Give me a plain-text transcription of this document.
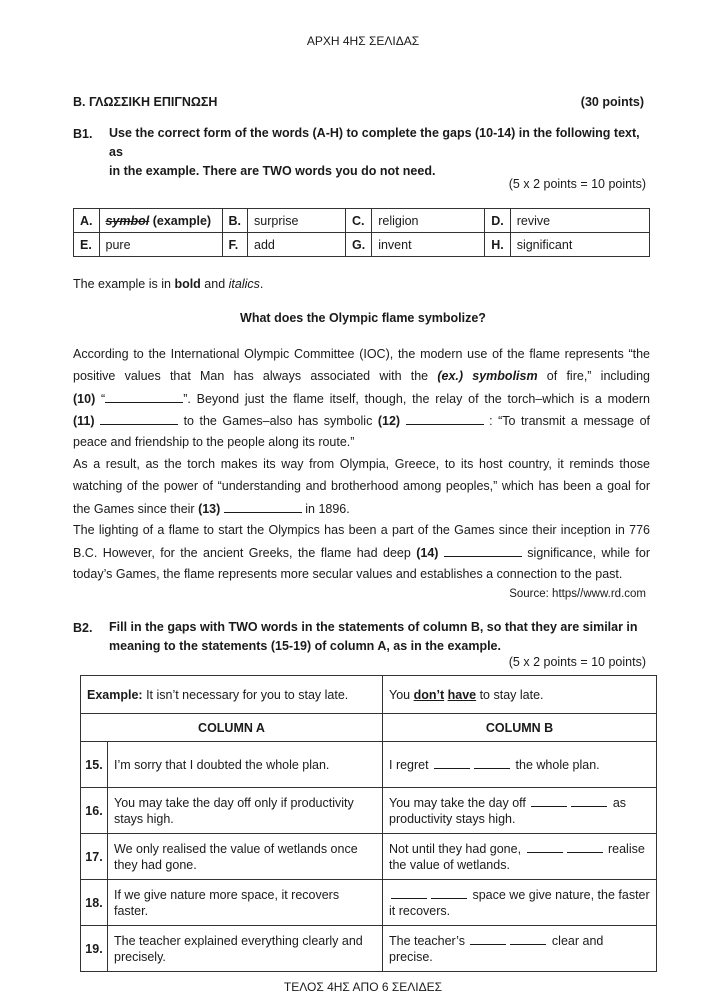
ΑΡΧΗ 4ΗΣ ΣΕΛΙΔΑΣ
Β. ΓΛΩΣΣΙΚΗ ΕΠΙΓΝΩΣΗ	(30 points)
B1. Use the correct form of the words (A-H) to complete the gaps (10-14) in the following text, as
in the example. There are TWO words you do not need.
(5 x 2 points = 10 points)
A.	symbol (example)	B.	surprise	C.	religion	D.	revive
E.	pure	F.	add	G.	invent	H.	significant
The example is in bold and italics.
What does the Olympic flame symbolize?
According to the International Olympic Committee (IOC), the modern use of the flame represents “the
positive values that Man has always associated with the (ex.) symbolism of fire,” including
(10) “	”. Beyond just the flame itself, though, the relay of the torch–which is a modern
(11)	to the Games–also has symbolic (12)	: “To transmit a message of
peace and friendship to the people along its route.”
As a result, as the torch makes its way from Olympia, Greece, to its host country, it reminds those
watching of the power of “understanding and brotherhood among peoples,” which has been a goal for
the Games since their (13)	in 1896.
The lighting of a flame to start the Olympics has been a part of the Games since their inception in 776
B.C. However, for the ancient Greeks, the flame had deep (14)	significance, while for
today’s Games, the flame represents more secular values and establishes a connection to the past.
Source: https//www.rd.com
B2. Fill in the gaps with TWO words in the statements of column B, so that they are similar in
meaning to the statements (15-19) of column A, as in the example.
(5 x 2 points = 10 points)
Example: It isn’t necessary for you to stay late.		You don’t have to stay late.
COLUMN A		COLUMN B
15.	I’m sorry that I doubted the whole plan.	I regret the whole plan.
16.	You may take the day off only if productivity stays high.	You may take the day off as productivity stays high.
17.	We only realised the value of wetlands once they had gone.	Not until they had gone, realise the value of wetlands.
18.	If we give nature more space, it recovers faster.	space we give nature, the faster it recovers.
19.	The teacher explained everything clearly and precisely.	The teacher’s clear and precise.
ΤΕΛΟΣ 4ΗΣ ΑΠΟ 6 ΣΕΛΙΔΕΣ
